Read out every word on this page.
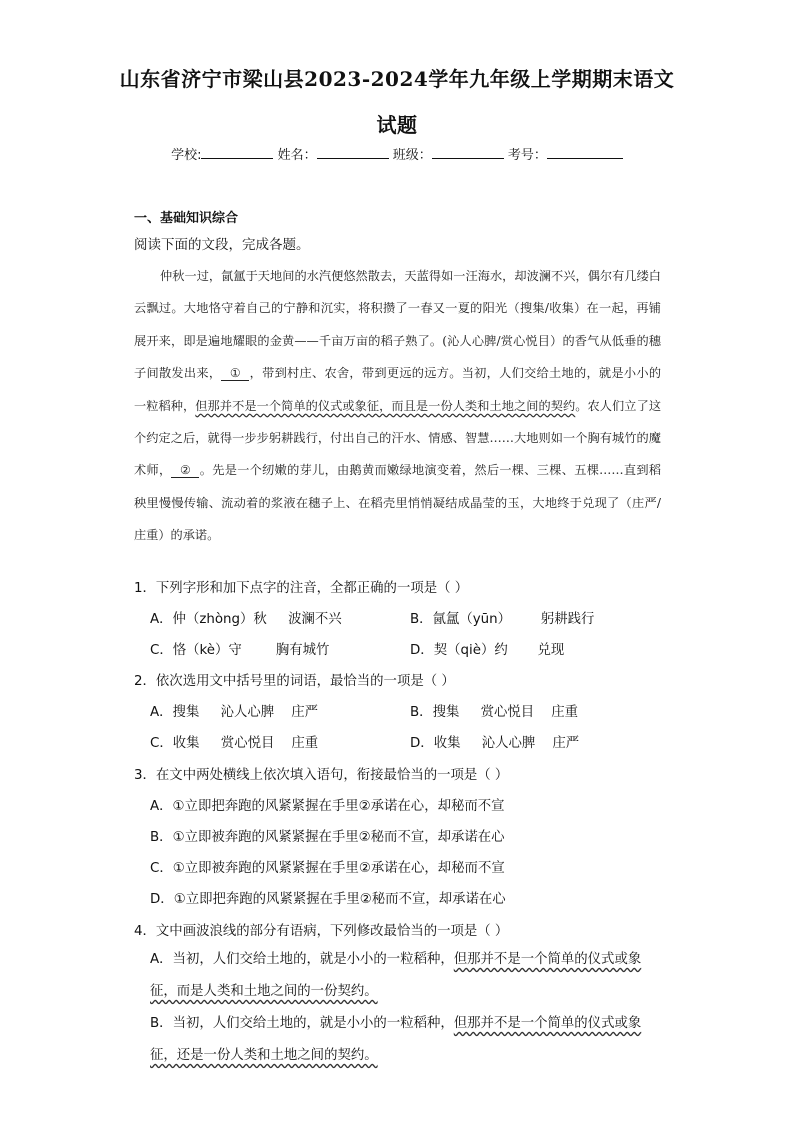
山东省济宁市梁山县2023-2024学年九年级上学期期末语文
试题
学校:	姓名：	班级：	考号：
一、基础知识综合
阅读下面的文段，完成各题。
仲秋一过，氤氲于天地间的水汽便悠然散去，天蓝得如一汪海水，却波澜不兴，偶尔有几缕白云飘过。大地恪守着自己的宁静和沉实，将积攒了一春又一夏的阳光（搜集/收集）在一起，再铺展开来，即是遍地耀眼的金黄——千亩万亩的稻子熟了。(沁人心脾/赏心悦目）的香气从低垂的穗子间散发出来， ① ，带到村庄、农舍，带到更远的远方。当初，人们交给土地的，就是小小的一粒稻种，但那并不是一个简单的仪式或象征，而且是一份人类和土地之间的契约。农人们立了这个约定之后，就得一步步躬耕践行，付出自己的汗水、情感、智慧……大地则如一个胸有城竹的魔术师， ② 。先是一个纫嫩的芽儿，由鹅黄而嫩绿地演变着，然后一棵、三棵、五棵……直到稻秧里慢慢传输、流动着的浆液在穗子上、在稻壳里悄悄凝结成晶莹的玉，大地终于兑现了（庄严/庄重）的承诺。
1．下列字形和加下点字的注音，全都正确的一项是（ ）
A．仲（zhòng）秋     波澜不兴	B．氤氲（yūn）       躬耕践行
C．恪（kè）守        胸有城竹	D．契（qiè）约       兑现
2．依次选用文中括号里的词语，最恰当的一项是（ ）
A．搜集     沁人心脾    庄严	B．搜集     赏心悦目    庄重
C．收集     赏心悦目    庄重	D．收集     沁人心脾    庄严
3．在文中两处横线上依次填入语句，衔接最恰当的一项是（ ）
A．①立即把奔跑的风紧紧握在手里②承诺在心，却秘而不宣
B．①立即被奔跑的风紧紧握在手里②秘而不宣，却承诺在心
C．①立即被奔跑的风紧紧握在手里②承诺在心，却秘而不宣
D．①立即把奔跑的风紧紧握在手里②秘而不宣，却承诺在心
4．文中画波浪线的部分有语病，下列修改最恰当的一项是（ ）
A．当初，人们交给土地的，就是小小的一粒稻种，但那并不是一个简单的仪式或象征，而是人类和土地之间的一份契约。
B．当初，人们交给土地的，就是小小的一粒稻种，但那并不是一个简单的仪式或象征，还是一份人类和土地之间的契约。
